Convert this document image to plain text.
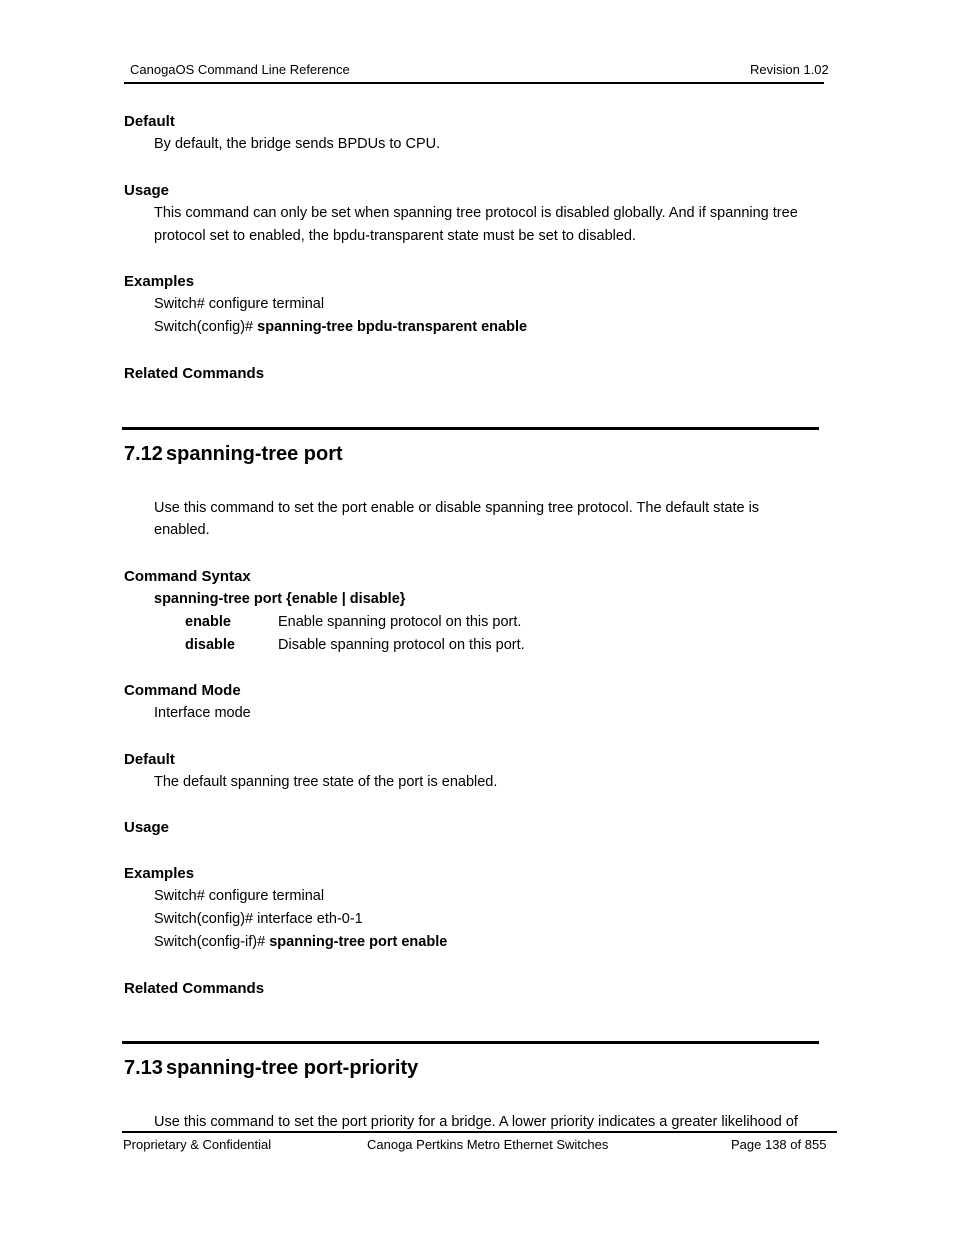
CanogaOS Command Line Reference	Revision 1.02
Default
By default, the bridge sends BPDUs to CPU.
Usage
This command can only be set when spanning tree protocol is disabled globally. And if spanning tree
protocol set to enabled, the bpdu-transparent state must be set to disabled.
Examples
Switch# configure terminal
Switch(config)# spanning-tree bpdu-transparent enable
Related Commands
7.12 spanning-tree port
Use this command to set the port enable or disable spanning tree protocol. The default state is
enabled.
Command Syntax
spanning-tree port {enable | disable}
enable	Enable spanning protocol on this port.
disable	Disable spanning protocol on this port.
Command Mode
Interface mode
Default
The default spanning tree state of the port is enabled.
Usage
Examples
Switch# configure terminal
Switch(config)# interface eth-0-1
Switch(config-if)# spanning-tree port enable
Related Commands
7.13 spanning-tree port-priority
Use this command to set the port priority for a bridge. A lower priority indicates a greater likelihood of
Proprietary & Confidential	Canoga Pertkins Metro Ethernet Switches	Page 138 of 855
